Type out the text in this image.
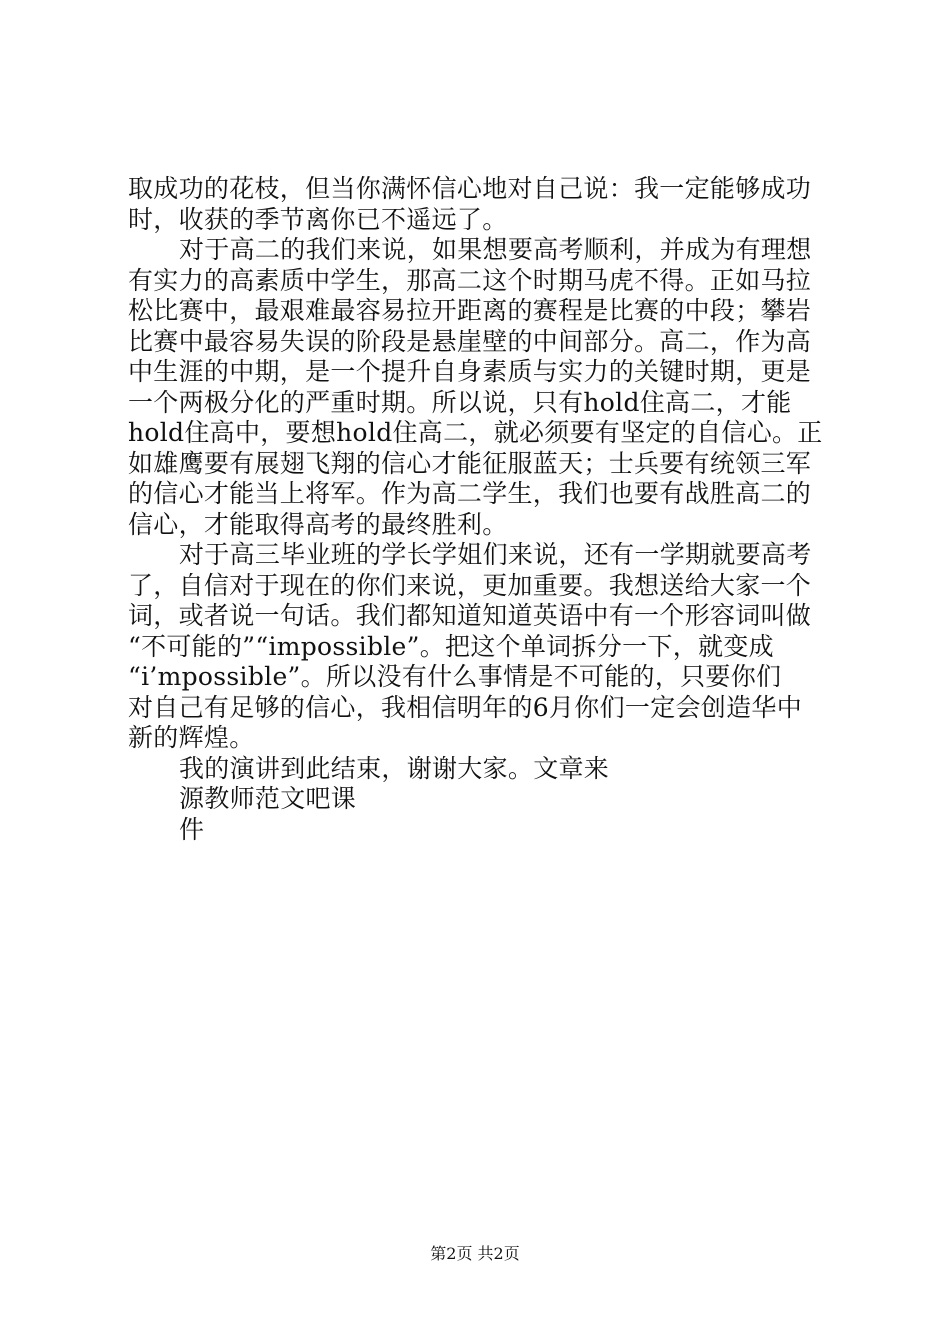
取成功的花枝，但当你满怀信心地对自己说：我一定能够成功
时，收获的季节离你已不遥远了。
对于高二的我们来说，如果想要高考顺利，并成为有理想
有实力的高素质中学生，那高二这个时期马虎不得。正如马拉
松比赛中，最艰难最容易拉开距离的赛程是比赛的中段；攀岩
比赛中最容易失误的阶段是悬崖壁的中间部分。高二，作为高
中生涯的中期，是一个提升自身素质与实力的关键时期，更是
一个两极分化的严重时期。所以说，只有hold住高二，才能
hold住高中，要想hold住高二，就必须要有坚定的自信心。正
如雄鹰要有展翅飞翔的信心才能征服蓝天；士兵要有统领三军
的信心才能当上将军。作为高二学生，我们也要有战胜高二的
信心，才能取得高考的最终胜利。
对于高三毕业班的学长学姐们来说，还有一学期就要高考
了，自信对于现在的你们来说，更加重要。我想送给大家一个
词，或者说一句话。我们都知道知道英语中有一个形容词叫做
“不可能的”“impossible”。把这个单词拆分一下，就变成
“i’mpossible”。所以没有什么事情是不可能的，只要你们
对自己有足够的信心，我相信明年的6月你们一定会创造华中
新的辉煌。
我的演讲到此结束，谢谢大家。文章来
源教师范文吧课
件
第2页 共2页
